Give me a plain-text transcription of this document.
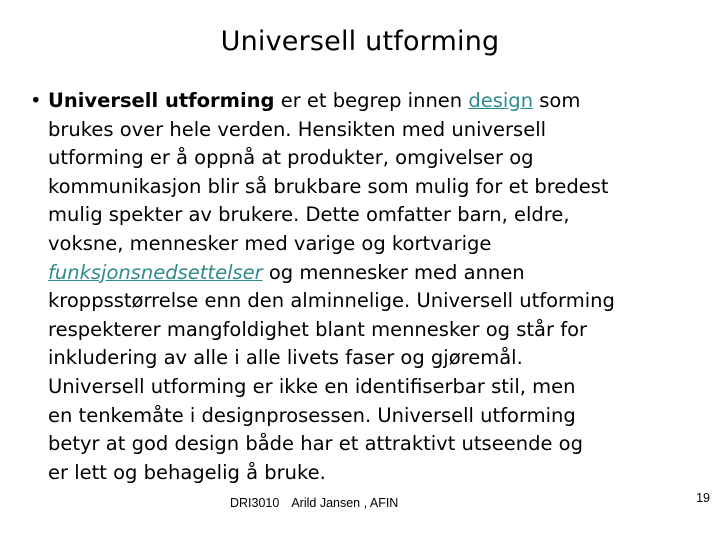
Universell utforming
• Universell utforming er et begrep innen design som
brukes over hele verden. Hensikten med universell
utforming er å oppnå at produkter, omgivelser og
kommunikasjon blir så brukbare som mulig for et bredest
mulig spekter av brukere. Dette omfatter barn, eldre,
voksne, mennesker med varige og kortvarige
funksjonsnedsettelser og mennesker med annen
kroppsstørrelse enn den alminnelige. Universell utforming
respekterer mangfoldighet blant mennesker og står for
inkludering av alle i alle livets faser og gjøremål.
Universell utforming er ikke en identifiserbar stil, men
en tenkemåte i designprosessen. Universell utforming
betyr at god design både har et attraktivt utseende og
er lett og behagelig å bruke.
DRI3010 Arild Jansen , AFIN	19
